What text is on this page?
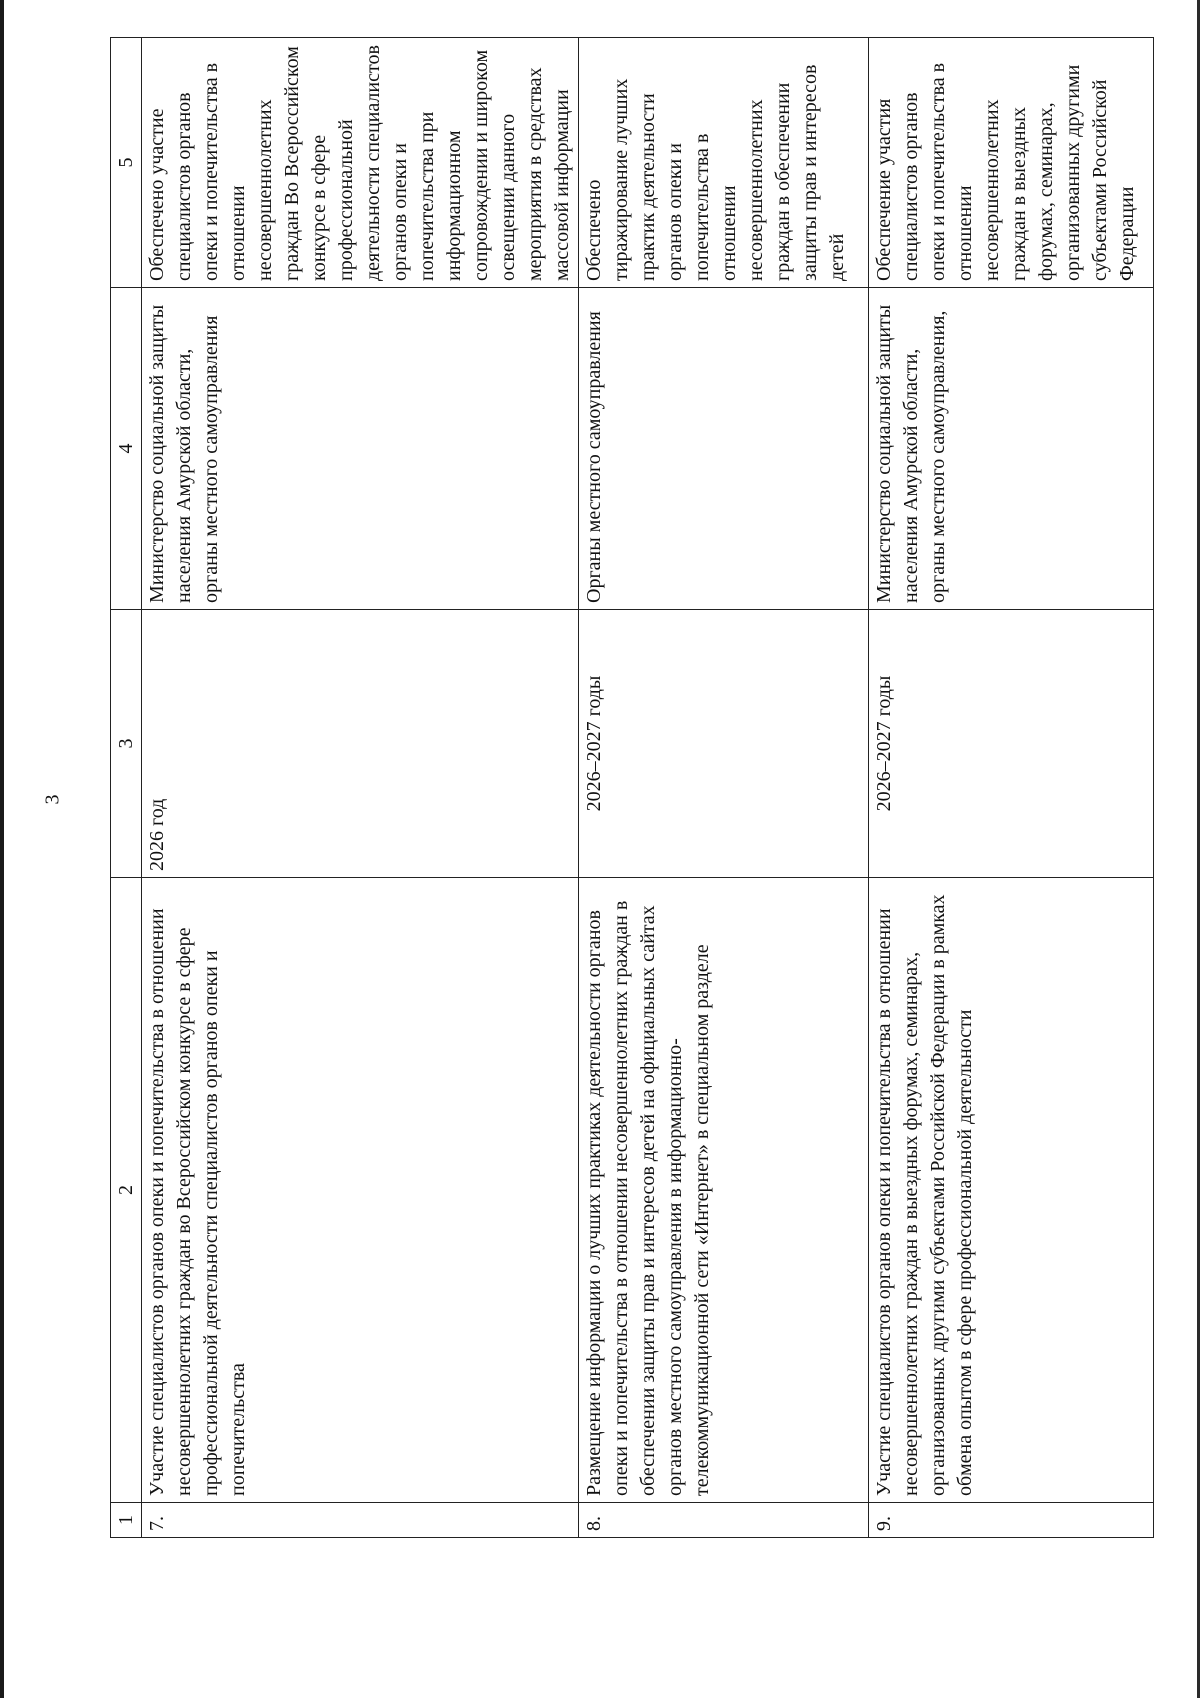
3
1	2	3	4	5
7.	Участие специалистов органов опеки и попечительства в отношении несовершеннолетних граждан во Всероссийском конкурсе в сфере профессиональной деятельности специалистов органов опеки и попечительства	2026 год	Министерство социальной защиты населения Амурской области, органы местного самоуправления	Обеспечено участие специалистов органов опеки и попечительства в отношении несовершеннолетних граждан Во Всероссийском конкурсе в сфере профессиональной деятельности специалистов органов опеки и попечительства при информационном сопровождении и широком освещении данного мероприятия в средствах массовой информации
8.	Размещение информации о лучших практиках деятельности органов опеки и попечительства в отношении несовершеннолетних граждан в обеспечении защиты прав и интересов детей на официальных сайтах органов местного самоуправления в информационно-телекоммуникационной сети «Интернет» в специальном разделе	2026–2027 годы	Органы местного самоуправления	Обеспечено тиражирование лучших практик деятельности органов опеки и попечительства в отношении несовершеннолетних граждан в обеспечении защиты прав и интересов детей
9.	Участие специалистов органов опеки и попечительства в отношении несовершеннолетних граждан в выездных форумах, семинарах, организованных другими субъектами Российской Федерации в рамках обмена опытом в сфере профессиональной деятельности	2026–2027 годы	Министерство социальной защиты населения Амурской области, органы местного самоуправления,	Обеспечение участия специалистов органов опеки и попечительства в отношении несовершеннолетних граждан в выездных форумах, семинарах, организованных другими субъектами Российской Федерации
